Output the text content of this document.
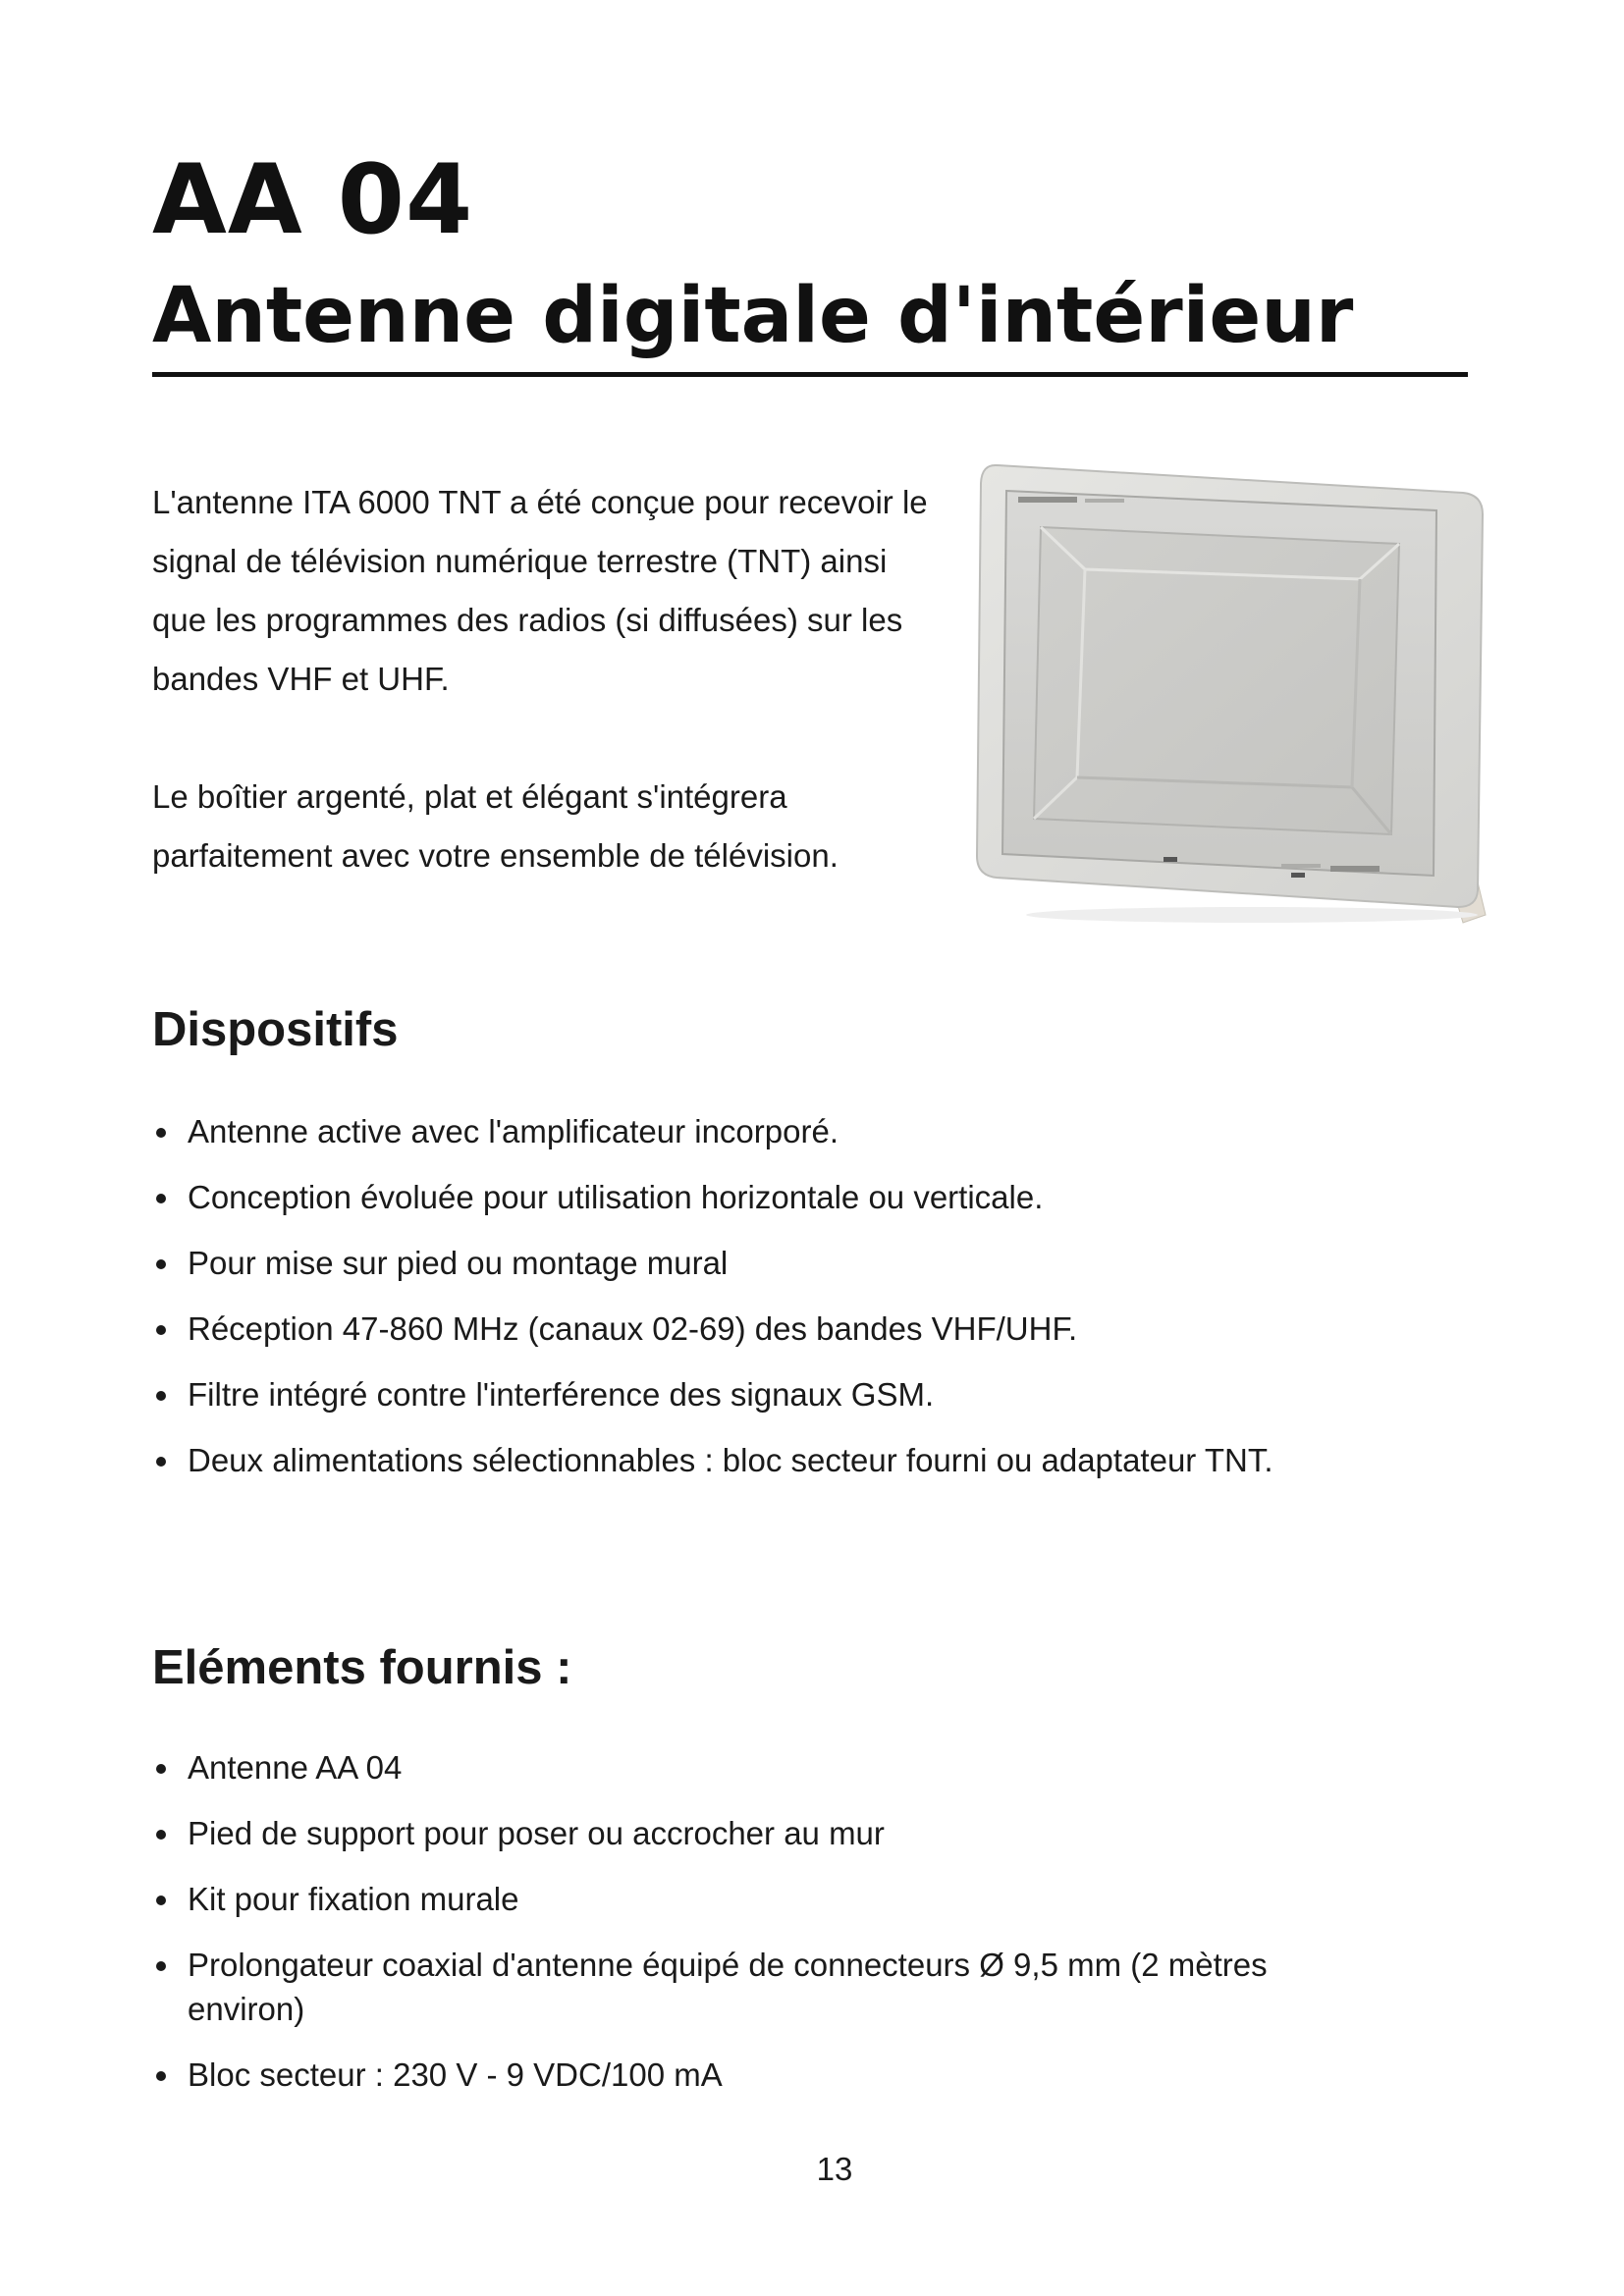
AA 04
Antenne digitale d'intérieur

L'antenne ITA 6000 TNT a été conçue pour recevoir le signal de télévision numérique terrestre (TNT) ainsi que les programmes des radios (si diffusées) sur les bandes VHF et UHF.

Le boîtier argenté, plat et élégant s'intégrera parfaitement avec votre ensemble de télévision.

Dispositifs
Antenne active avec l'amplificateur incorporé.
Conception évoluée pour utilisation horizontale ou verticale.
Pour mise sur pied ou montage mural
Réception 47-860 MHz (canaux 02-69) des bandes VHF/UHF.
Filtre intégré contre l'interférence des signaux GSM.
Deux alimentations sélectionnables : bloc secteur fourni ou adaptateur TNT.
Eléments fournis :
Antenne AA 04
Pied de support pour poser ou accrocher au mur
Kit pour fixation murale
Prolongateur coaxial d'antenne équipé de connecteurs Ø 9,5 mm (2 mètres environ)
Bloc secteur : 230 V - 9 VDC/100 mA
13
